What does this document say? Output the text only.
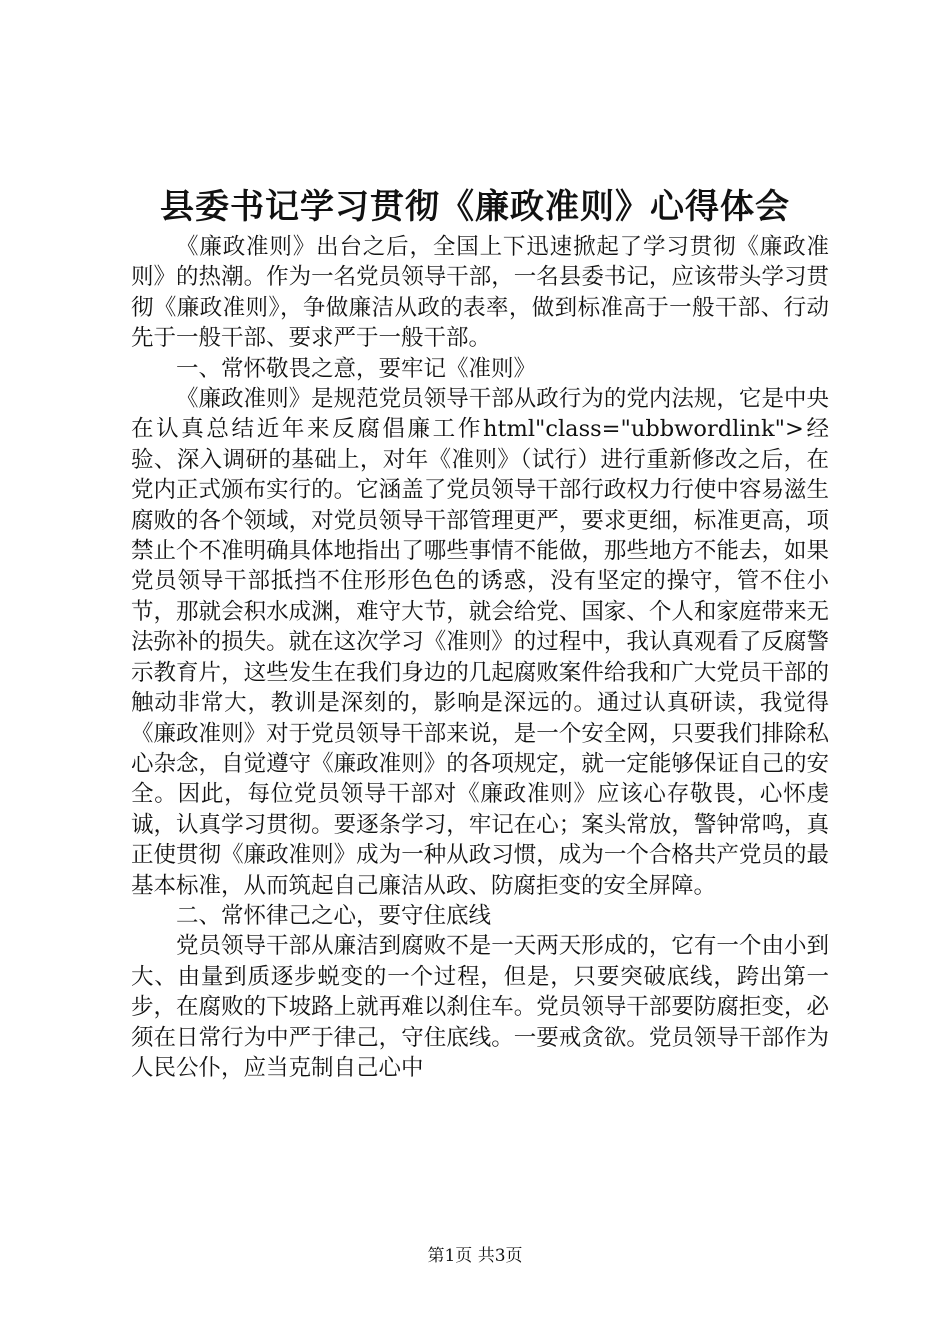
县委书记学习贯彻《廉政准则》心得体会

《廉政准则》出台之后，全国上下迅速掀起了学习贯彻《廉政准则》的热潮。作为一名党员领导干部，一名县委书记，应该带头学习贯彻《廉政准则》，争做廉洁从政的表率，做到标准高于一般干部、行动先于一般干部、要求严于一般干部。

一、常怀敬畏之意，要牢记《准则》

《廉政准则》是规范党员领导干部从政行为的党内法规，它是中央在认真总结近年来反腐倡廉工作html"class="ubbwordlink">经验、深入调研的基础上，对年《准则》（试行）进行重新修改之后，在党内正式颁布实行的。它涵盖了党员领导干部行政权力行使中容易滋生腐败的各个领域，对党员领导干部管理更严，要求更细，标准更高，项禁止个不准明确具体地指出了哪些事情不能做，那些地方不能去，如果党员领导干部抵挡不住形形色色的诱惑，没有坚定的操守，管不住小节，那就会积水成渊，难守大节，就会给党、国家、个人和家庭带来无法弥补的损失。就在这次学习《准则》的过程中，我认真观看了反腐警示教育片，这些发生在我们身边的几起腐败案件给我和广大党员干部的触动非常大，教训是深刻的，影响是深远的。通过认真研读，我觉得《廉政准则》对于党员领导干部来说，是一个安全网，只要我们排除私心杂念，自觉遵守《廉政准则》的各项规定，就一定能够保证自己的安全。因此，每位党员领导干部对《廉政准则》应该心存敬畏，心怀虔诚，认真学习贯彻。要逐条学习，牢记在心；案头常放，警钟常鸣，真正使贯彻《廉政准则》成为一种从政习惯，成为一个合格共产党员的最基本标准，从而筑起自己廉洁从政、防腐拒变的安全屏障。

二、常怀律己之心，要守住底线

党员领导干部从廉洁到腐败不是一天两天形成的，它有一个由小到大、由量到质逐步蜕变的一个过程，但是，只要突破底线，跨出第一步，在腐败的下坡路上就再难以刹住车。党员领导干部要防腐拒变，必须在日常行为中严于律己，守住底线。一要戒贪欲。党员领导干部作为人民公仆，应当克制自己心中

第1页 共3页
